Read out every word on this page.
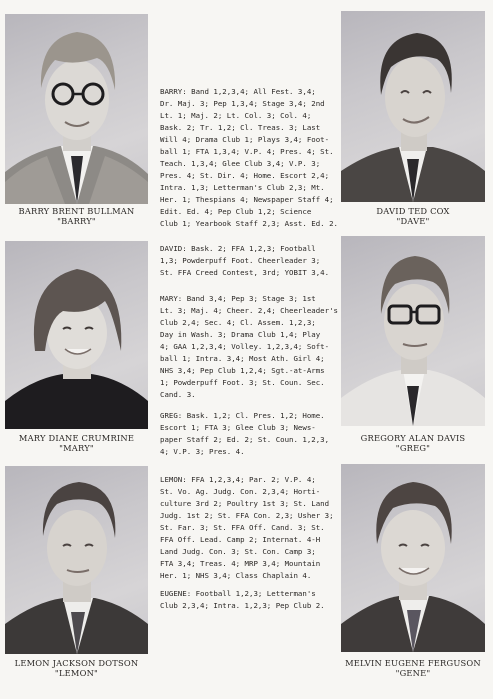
BARRY BRENT BULLMAN
"BARRY"
DAVID TED COX
"DAVE"
MARY DIANE CRUMRINE
"MARY"
GREGORY ALAN DAVIS
"GREG"
LEMON JACKSON DOTSON
"LEMON"
MELVIN EUGENE FERGUSON
"GENE"
BARRY: Band 1,2,3,4; All Fest. 3,4;
Dr. Maj. 3; Pep 1,3,4; Stage 3,4; 2nd
Lt. 1; Maj. 2; Lt. Col. 3; Col. 4;
Bask. 2; Tr. 1,2; Cl. Treas. 3; Last
Will 4; Drama Club 1; Plays 3,4; Foot-
ball 1; FTA 1,3,4; V.P. 4; Pres. 4; St.
Teach. 1,3,4; Glee Club 3,4; V.P. 3;
Pres. 4; St. Dir. 4; Home. Escort 2,4;
Intra. 1,3; Letterman's Club 2,3; Mt.
Her. 1; Thespians 4; Newspaper Staff 4;
Edit. Ed. 4; Pep Club 1,2; Science
Club 1; Yearbook Staff 2,3; Asst. Ed. 2.
DAVID: Bask. 2; FFA 1,2,3; Football
1,3; Powderpuff Foot. Cheerleader 3;
St. FFA Creed Contest, 3rd; YOBIT 3,4.
MARY: Band 3,4; Pep 3; Stage 3; 1st
Lt. 3; Maj. 4; Cheer. 2,4; Cheerleader's
Club 2,4; Sec. 4; Cl. Assem. 1,2,3;
Day in Wash. 3; Drama Club 1,4; Play
4; GAA 1,2,3,4; Volley. 1,2,3,4; Soft-
ball 1; Intra. 3,4; Most Ath. Girl 4;
NHS 3,4; Pep Club 1,2,4; Sgt.-at-Arms
1; Powderpuff Foot. 3; St. Coun. Sec.
Cand. 3.
GREG: Bask. 1,2; Cl. Pres. 1,2; Home.
Escort 1; FTA 3; Glee Club 3; News-
paper Staff 2; Ed. 2; St. Coun. 1,2,3,
4; V.P. 3; Pres. 4.
LEMON: FFA 1,2,3,4; Par. 2; V.P. 4;
St. Vo. Ag. Judg. Con. 2,3,4; Horti-
culture 3rd 2; Poultry 1st 3; St. Land
Judg. 1st 2; St. FFA Con. 2,3; Usher 3;
St. Far. 3; St. FFA Off. Cand. 3; St.
FFA Off. Lead. Camp 2; Internat. 4-H
Land Judg. Con. 3; St. Con. Camp 3;
FTA 3,4; Treas. 4; MRP 3,4; Mountain
Her. 1; NHS 3,4; Class Chaplain 4.
EUGENE: Football 1,2,3; Letterman's
Club 2,3,4; Intra. 1,2,3; Pep Club 2.
